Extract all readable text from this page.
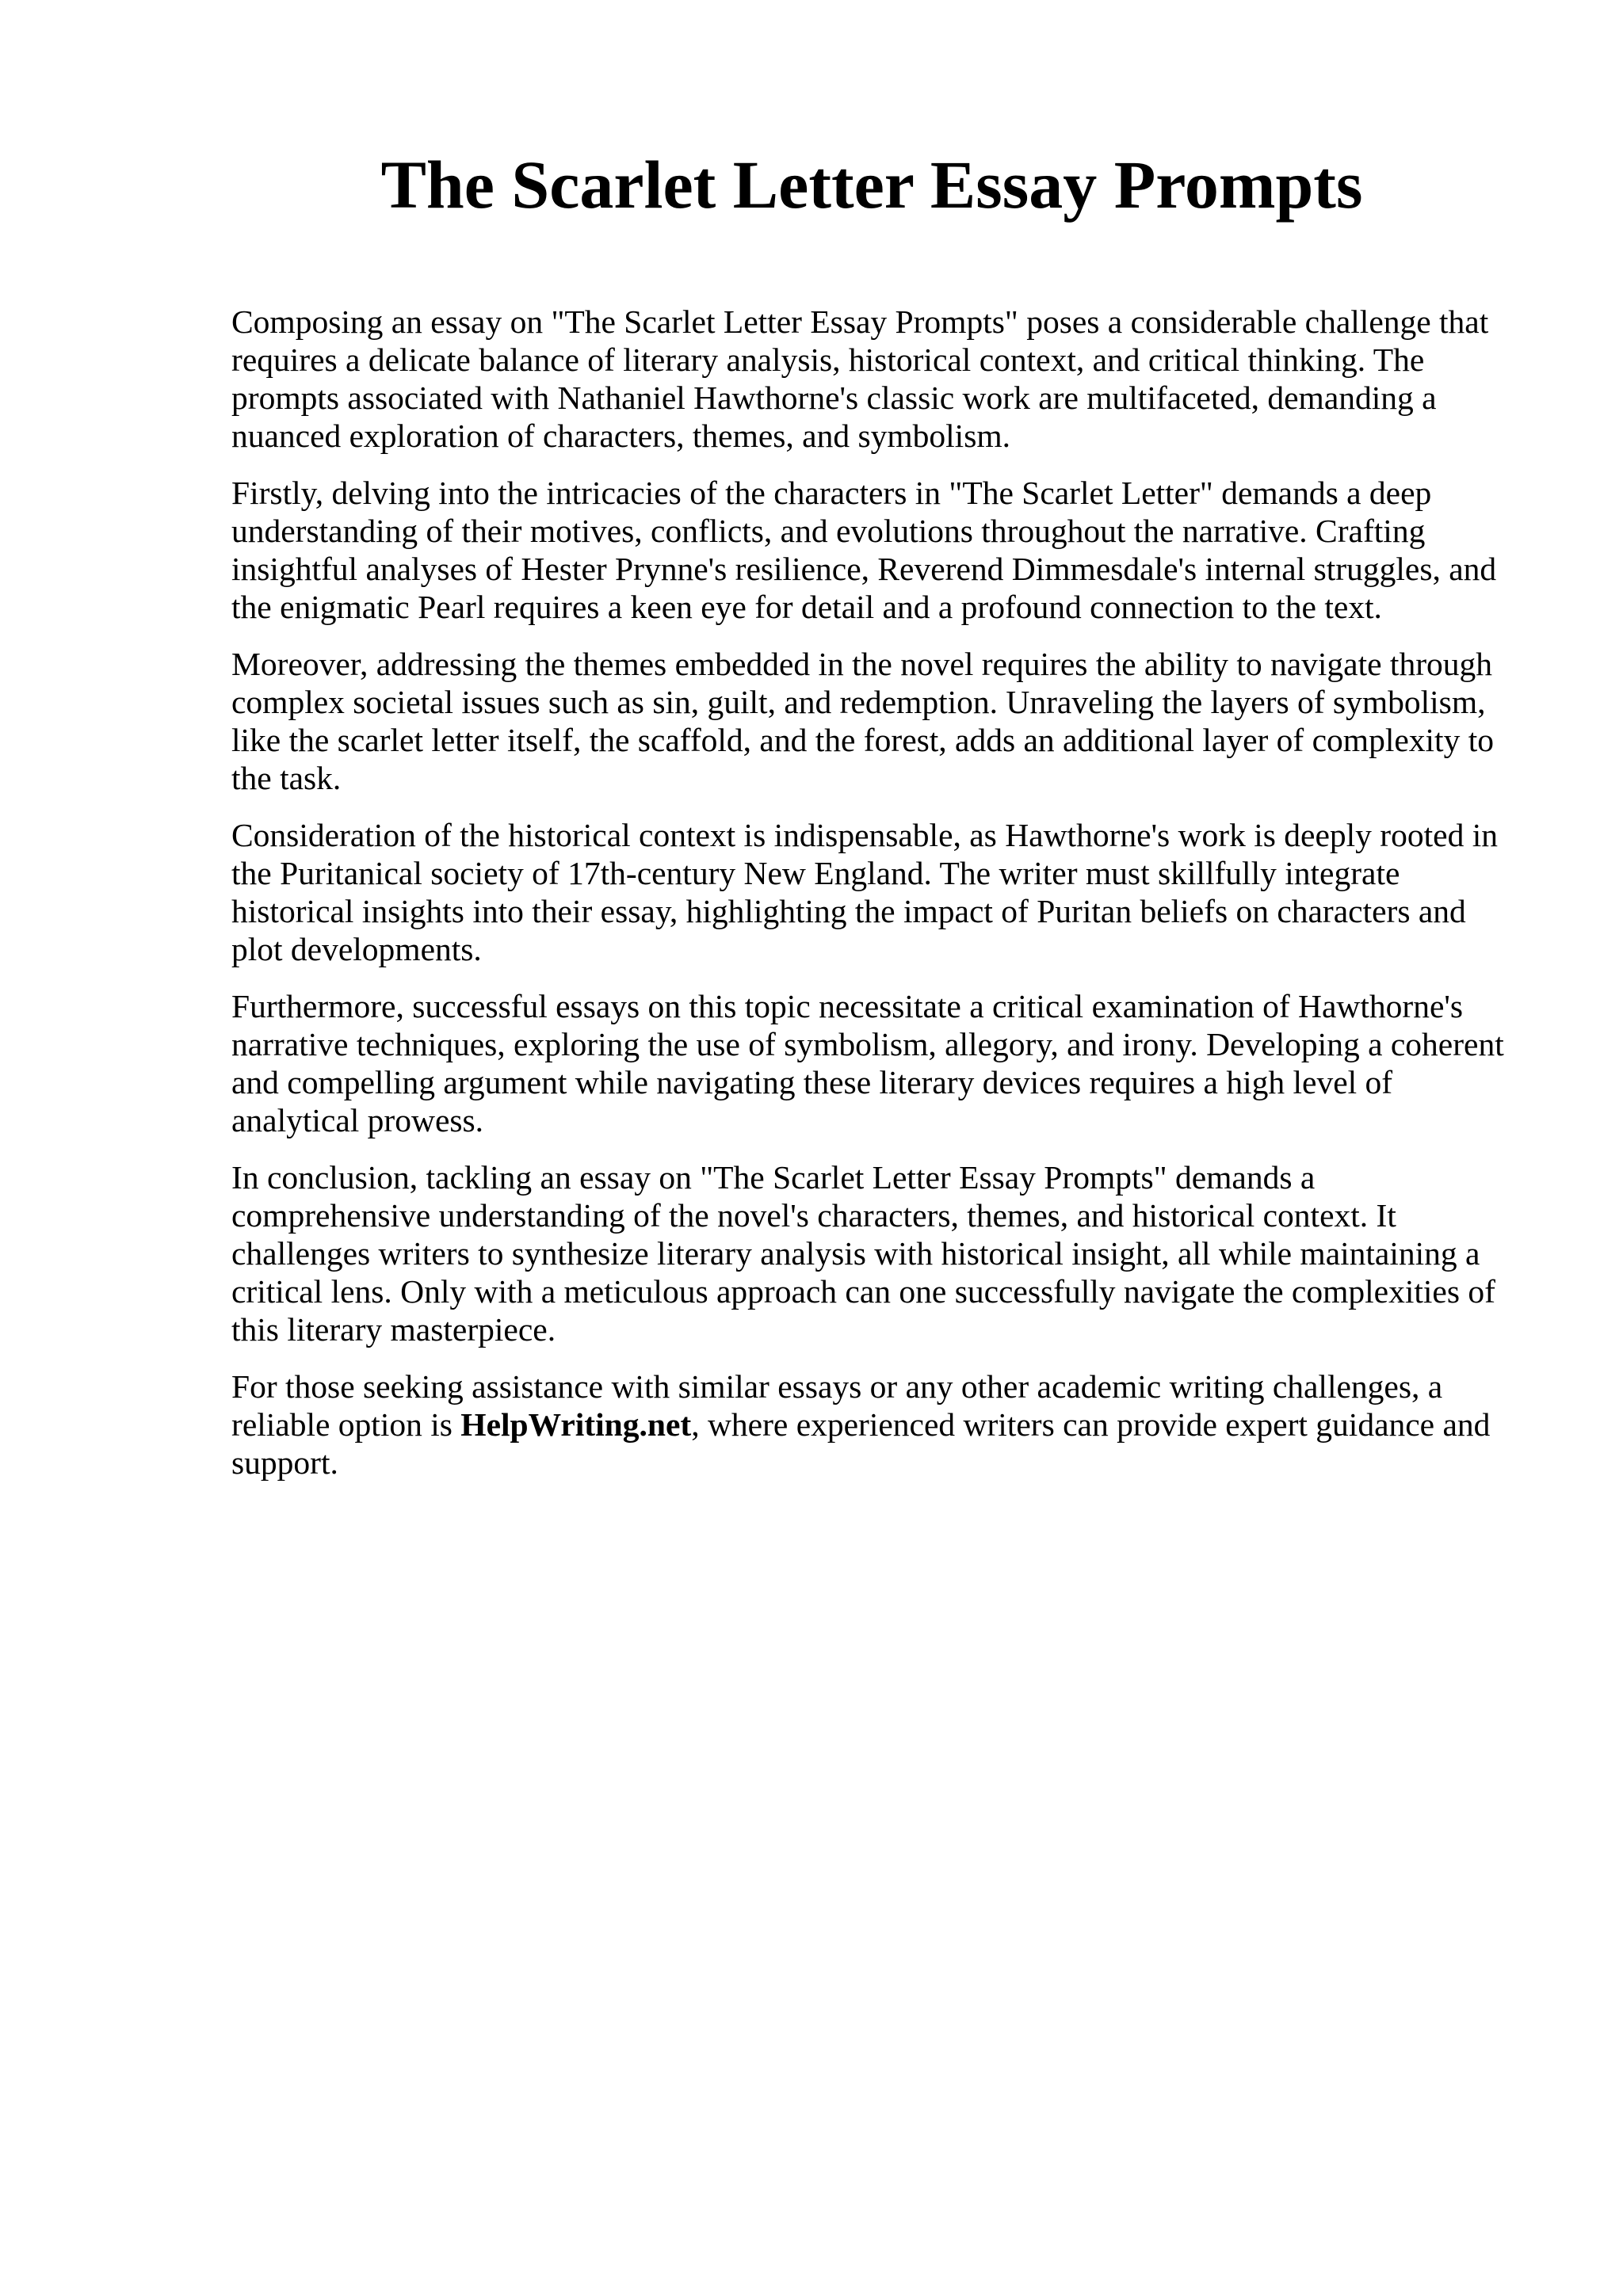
The Scarlet Letter Essay Prompts

Composing an essay on "The Scarlet Letter Essay Prompts" poses a considerable challenge that requires a delicate balance of literary analysis, historical context, and critical thinking. The prompts associated with Nathaniel Hawthorne's classic work are multifaceted, demanding a nuanced exploration of characters, themes, and symbolism.

Firstly, delving into the intricacies of the characters in "The Scarlet Letter" demands a deep understanding of their motives, conflicts, and evolutions throughout the narrative. Crafting insightful analyses of Hester Prynne's resilience, Reverend Dimmesdale's internal struggles, and the enigmatic Pearl requires a keen eye for detail and a profound connection to the text.

Moreover, addressing the themes embedded in the novel requires the ability to navigate through complex societal issues such as sin, guilt, and redemption. Unraveling the layers of symbolism, like the scarlet letter itself, the scaffold, and the forest, adds an additional layer of complexity to the task.

Consideration of the historical context is indispensable, as Hawthorne's work is deeply rooted in the Puritanical society of 17th-century New England. The writer must skillfully integrate historical insights into their essay, highlighting the impact of Puritan beliefs on characters and plot developments.

Furthermore, successful essays on this topic necessitate a critical examination of Hawthorne's narrative techniques, exploring the use of symbolism, allegory, and irony. Developing a coherent and compelling argument while navigating these literary devices requires a high level of analytical prowess.

In conclusion, tackling an essay on "The Scarlet Letter Essay Prompts" demands a comprehensive understanding of the novel's characters, themes, and historical context. It challenges writers to synthesize literary analysis with historical insight, all while maintaining a critical lens. Only with a meticulous approach can one successfully navigate the complexities of this literary masterpiece.

For those seeking assistance with similar essays or any other academic writing challenges, a reliable option is HelpWriting.net, where experienced writers can provide expert guidance and support.
